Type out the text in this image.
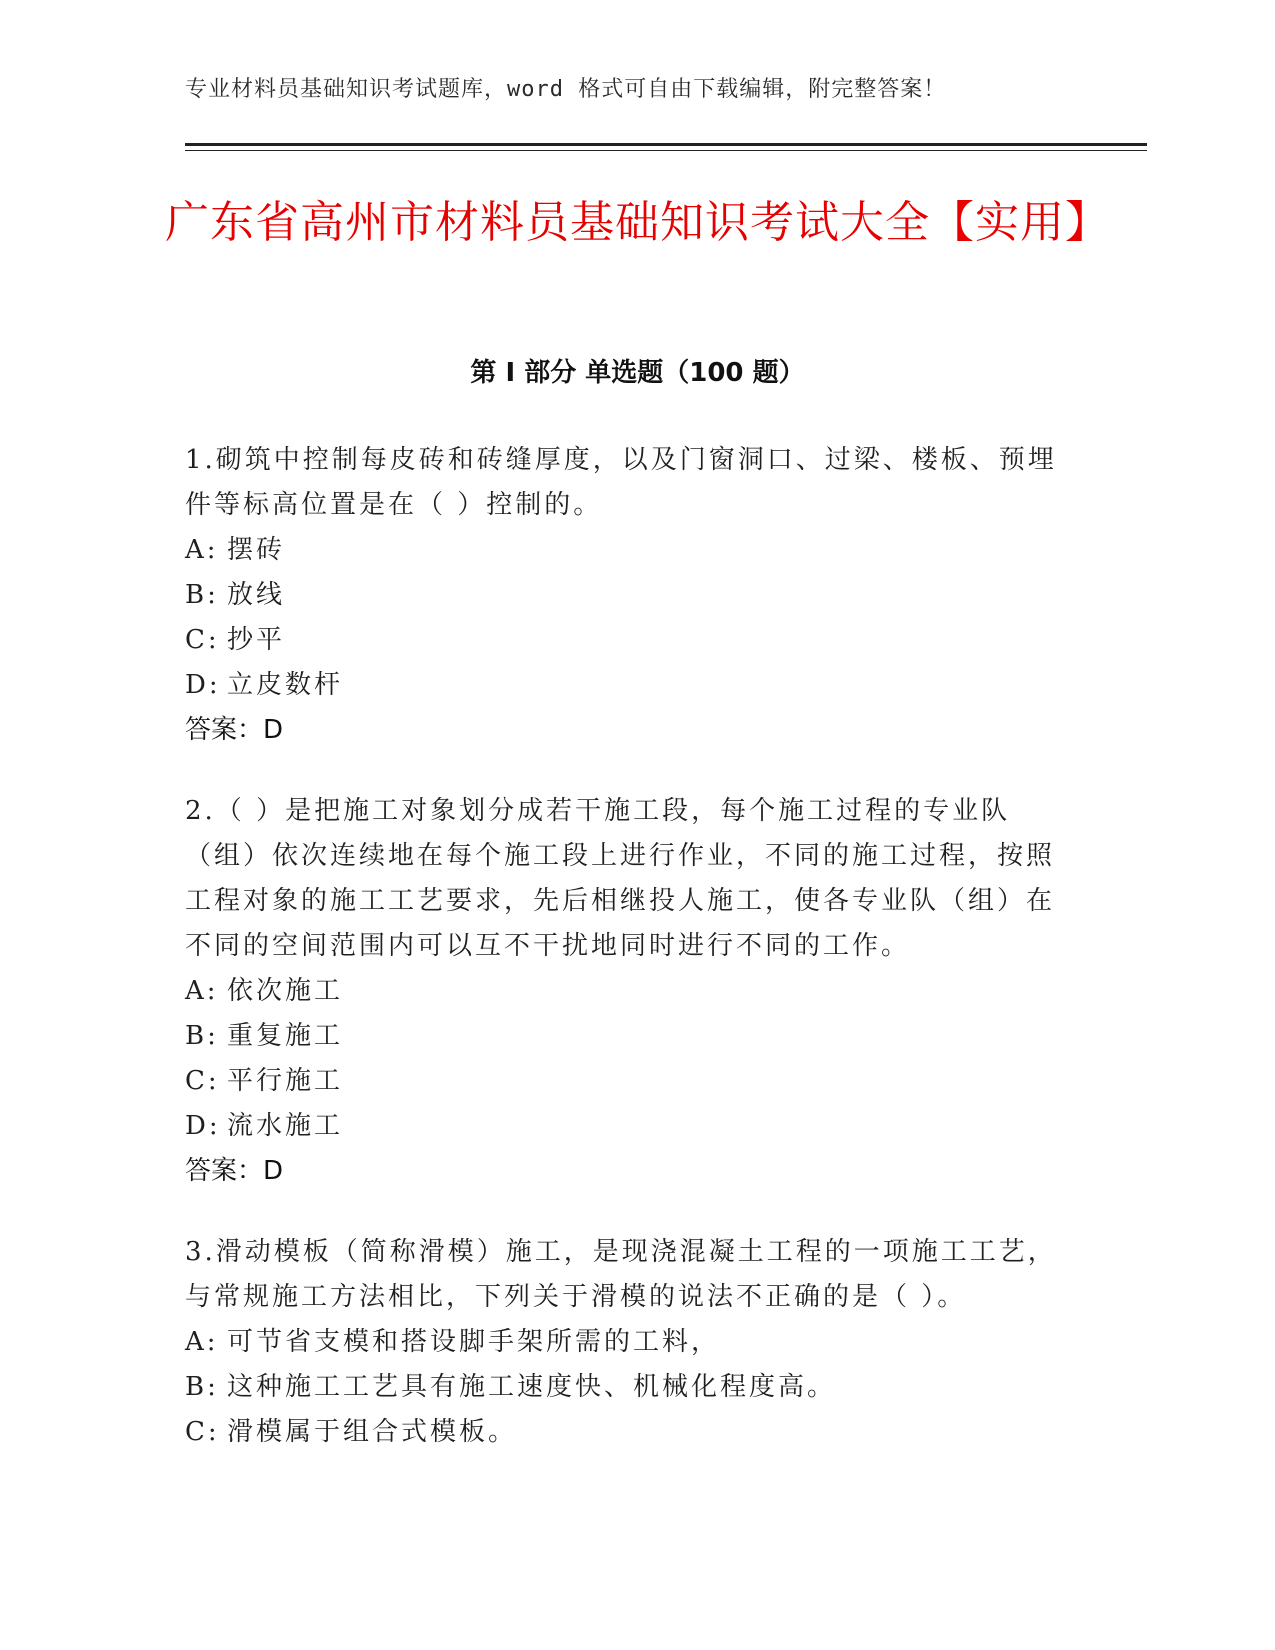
专业材料员基础知识考试题库，word 格式可自由下载编辑，附完整答案！
广东省高州市材料员基础知识考试大全【实用】
第 I 部分 单选题（100 题）
1.砌筑中控制每皮砖和砖缝厚度，以及门窗洞口、过梁、楼板、预埋件等标高位置是在（ ）控制的。
A: 摆砖
B: 放线
C: 抄平
D: 立皮数杆
答案：D
2.（ ）是把施工对象划分成若干施工段，每个施工过程的专业队（组）依次连续地在每个施工段上进行作业，不同的施工过程，按照工程对象的施工工艺要求，先后相继投人施工，使各专业队（组）在不同的空间范围内可以互不干扰地同时进行不同的工作。
A: 依次施工
B: 重复施工
C: 平行施工
D: 流水施工
答案：D
3.滑动模板（简称滑模）施工，是现浇混凝土工程的一项施工工艺，与常规施工方法相比，下列关于滑模的说法不正确的是（ ）。
A: 可节省支模和搭设脚手架所需的工料，
B: 这种施工工艺具有施工速度快、机械化程度高。
C: 滑模属于组合式模板。
